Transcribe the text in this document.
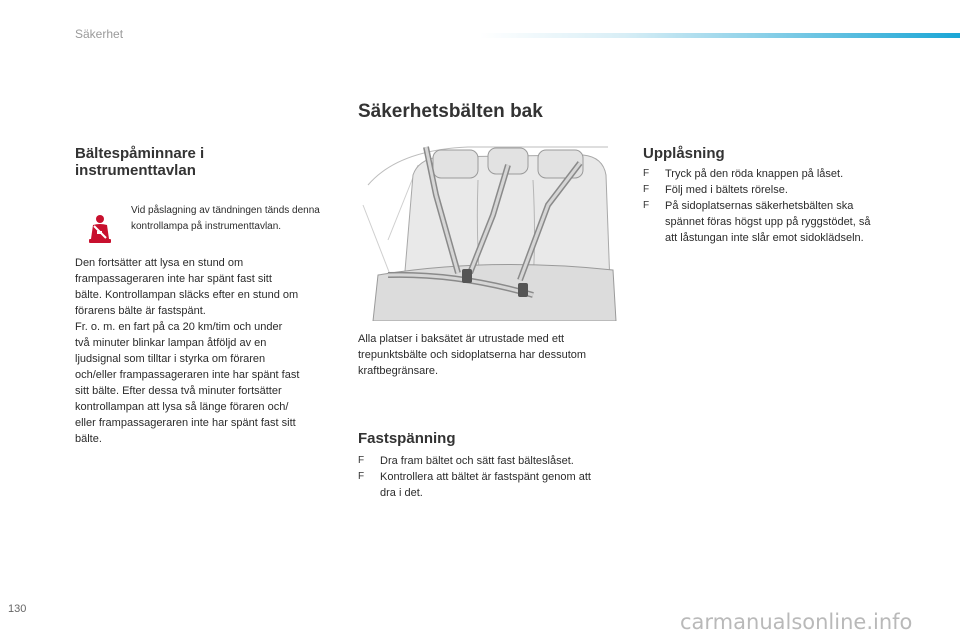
Säkerhet
Säkerhetsbälten bak
Bältespåminnare i
instrumenttavlan
Vid påslagning av tändningen tänds denna kontrollampa på instrumenttavlan.
Den fortsätter att lysa en stund om
frampassageraren inte har spänt fast sitt
bälte. Kontrollampan släcks efter en stund om
förarens bälte är fastspänt.
Fr. o. m. en fart på ca 20 km/tim och under
två minuter blinkar lampan åtföljd av en
ljudsignal som tilltar i styrka om föraren
och/eller frampassageraren inte har spänt fast
sitt bälte. Efter dessa två minuter fortsätter
kontrollampan att lysa så länge föraren och/
eller frampassageraren inte har spänt fast sitt
bälte.
Alla platser i baksätet är utrustade med ett
trepunktsbälte och sidoplatserna har dessutom
kraftbegränsare.
Fastspänning
F Dra fram bältet och sätt fast bälteslåset.
F Kontrollera att bältet är fastspänt genom att
dra i det.
Upplåsning
F Tryck på den röda knappen på låset.
F Följ med i bältets rörelse.
F På sidoplatsernas säkerhetsbälten ska
spännet föras högst upp på ryggstödet, så
att låstungan inte slår emot sidoklädseln.
130
carmanualsonline.info
